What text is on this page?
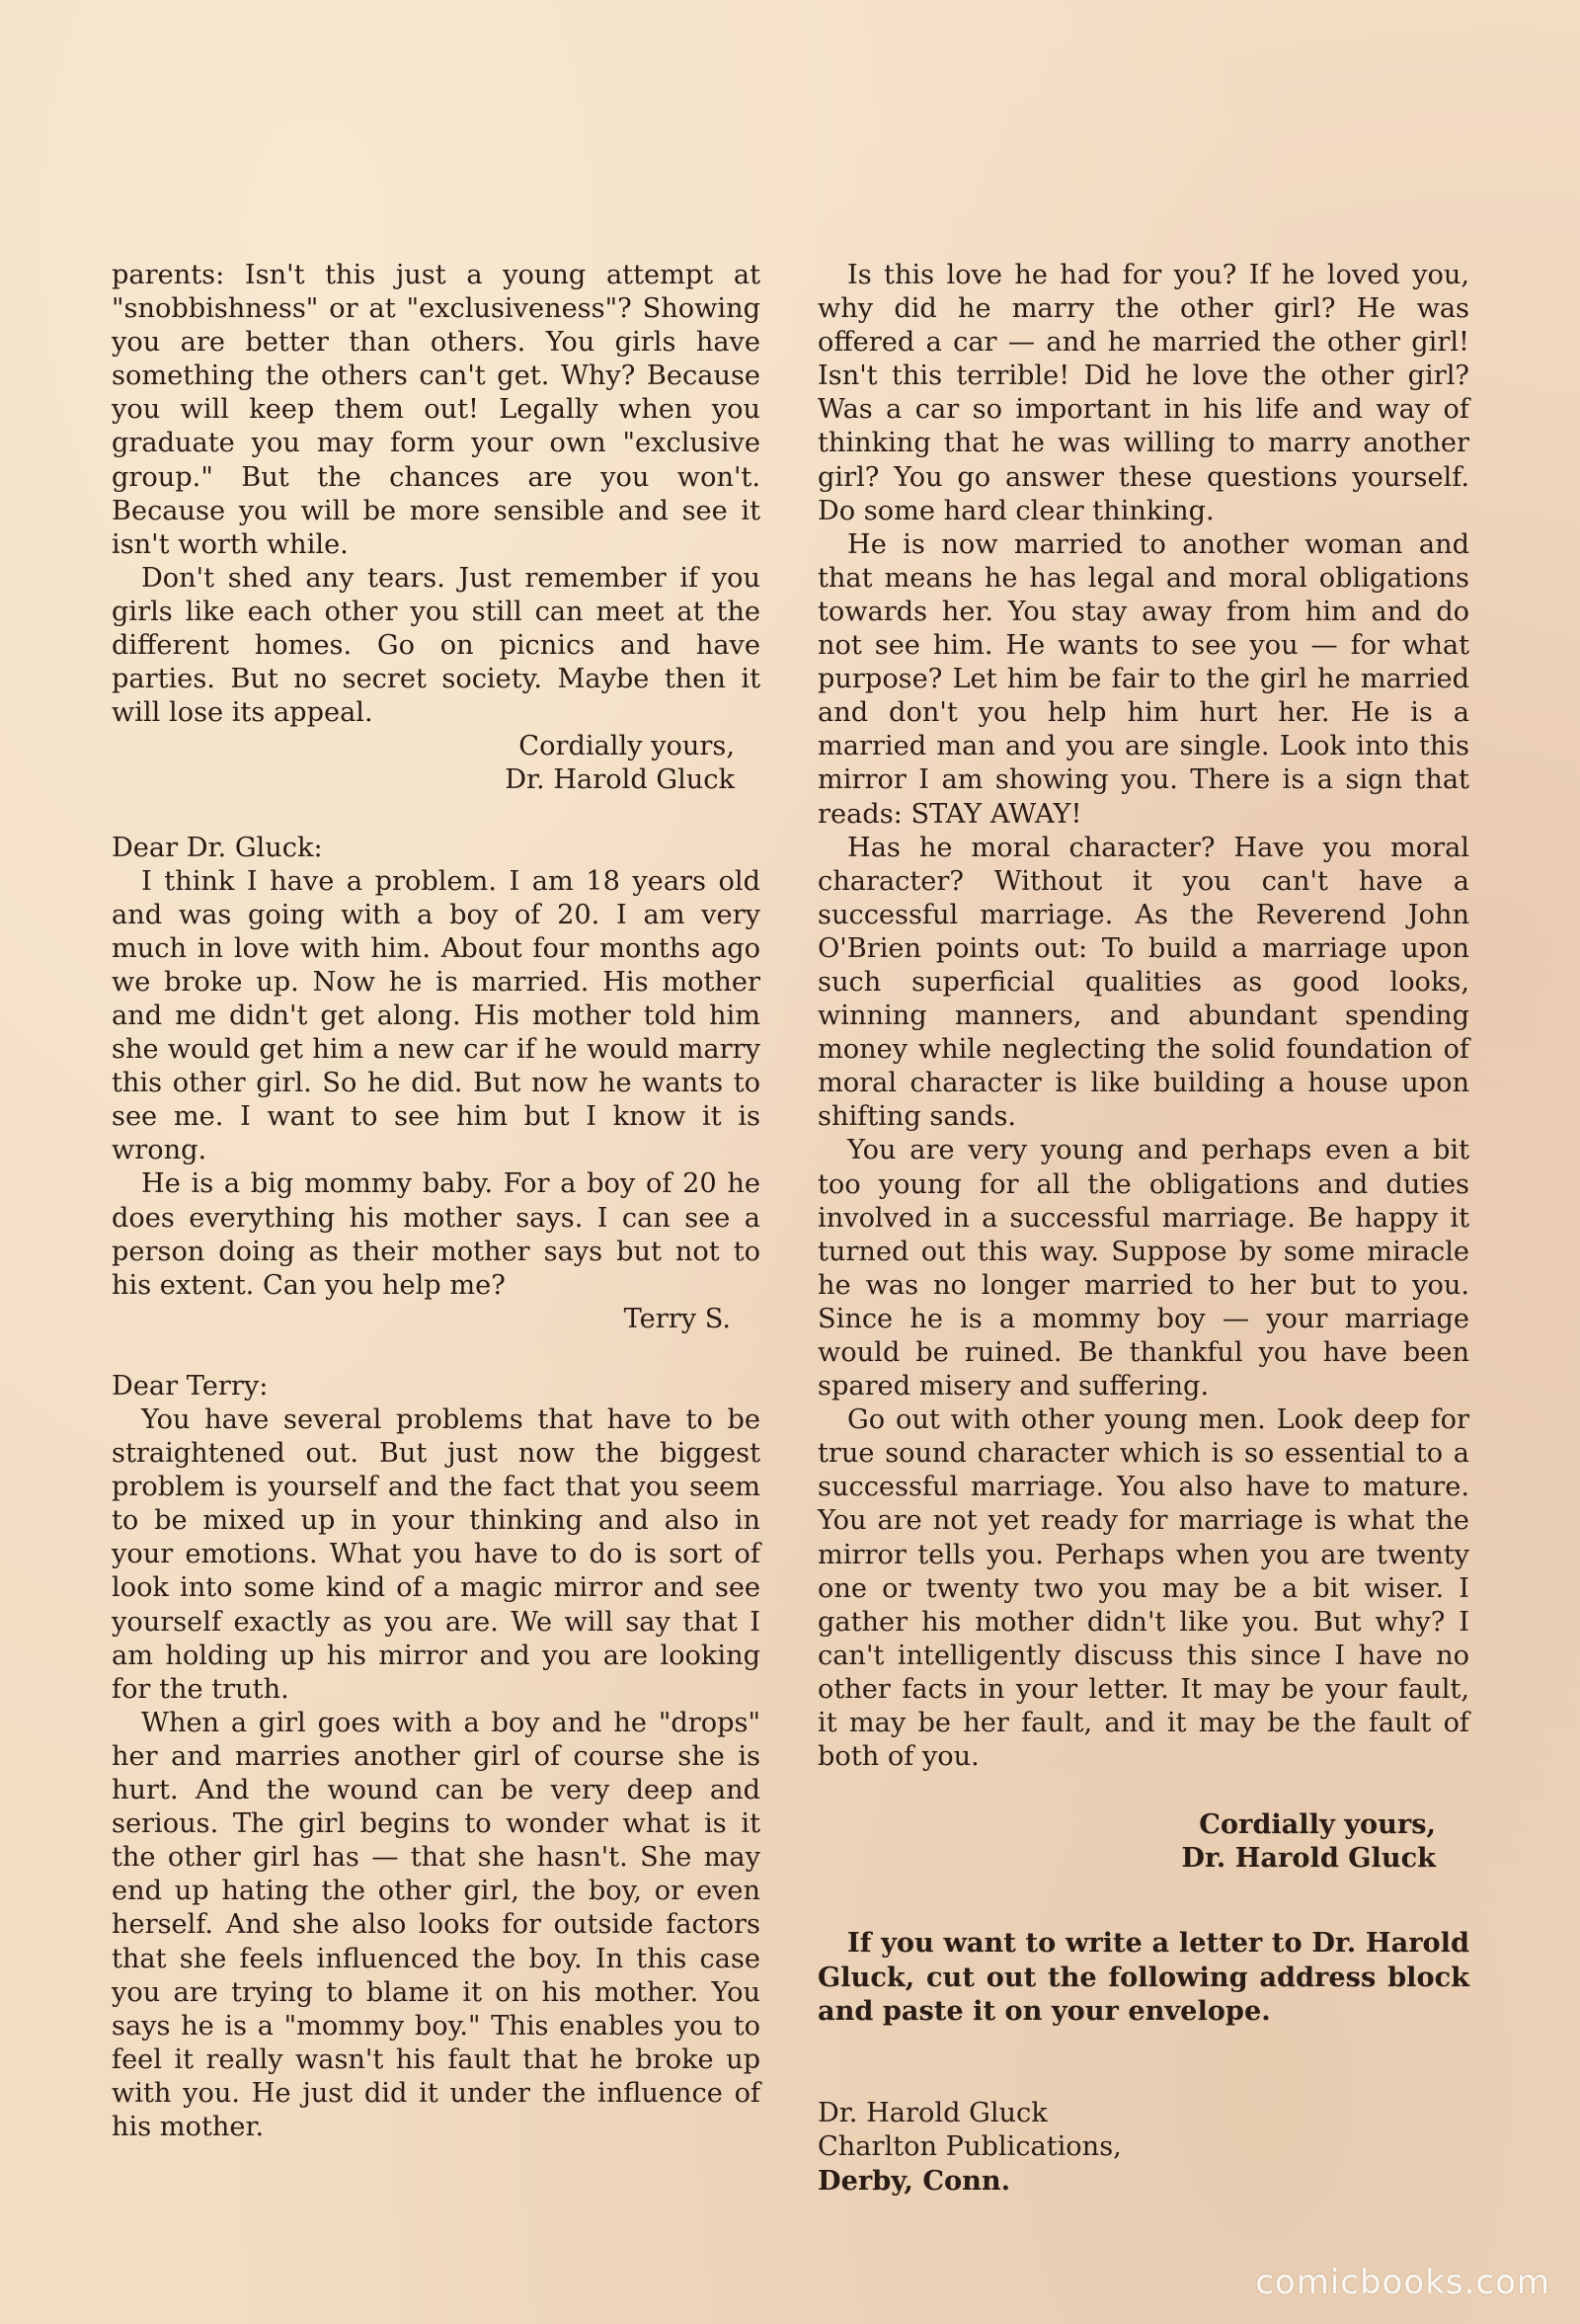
parents: Isn't this just a young attempt at "snobbishness" or at "exclusiveness"? Showing you are better than others. You girls have something the others can't get. Why? Because you will keep them out! Legally when you graduate you may form your own "exclusive group." But the chances are you won't. Because you will be more sensible and see it isn't worth while.

Don't shed any tears. Just remember if you girls like each other you still can meet at the different homes. Go on picnics and have parties. But no secret society. Maybe then it will lose its appeal.

Cordially yours,

Dr. Harold Gluck

Dear Dr. Gluck:

I think I have a problem. I am 18 years old and was going with a boy of 20. I am very much in love with him. About four months ago we broke up. Now he is married. His mother and me didn't get along. His mother told him she would get him a new car if he would marry this other girl. So he did. But now he wants to see me. I want to see him but I know it is wrong.

He is a big mommy baby. For a boy of 20 he does everything his mother says. I can see a person doing as their mother says but not to his extent. Can you help me?

Terry S.

Dear Terry:

You have several problems that have to be straightened out. But just now the biggest problem is yourself and the fact that you seem to be mixed up in your thinking and also in your emotions. What you have to do is sort of look into some kind of a magic mirror and see yourself exactly as you are. We will say that I am holding up his mirror and you are looking for the truth.

When a girl goes with a boy and he "drops" her and marries another girl of course she is hurt. And the wound can be very deep and serious. The girl begins to wonder what is it the other girl has — that she hasn't. She may end up hating the other girl, the boy, or even herself. And she also looks for outside factors that she feels influenced the boy. In this case you are trying to blame it on his mother. You says he is a "mommy boy." This enables you to feel it really wasn't his fault that he broke up with you. He just did it under the influence of his mother.

Is this love he had for you? If he loved you, why did he marry the other girl? He was offered a car — and he married the other girl! Isn't this terrible! Did he love the other girl? Was a car so important in his life and way of thinking that he was willing to marry another girl? You go answer these questions yourself. Do some hard clear thinking.

He is now married to another woman and that means he has legal and moral obligations towards her. You stay away from him and do not see him. He wants to see you — for what purpose? Let him be fair to the girl he married and don't you help him hurt her. He is a married man and you are single. Look into this mirror I am showing you. There is a sign that reads: STAY AWAY!

Has he moral character? Have you moral character? Without it you can't have a successful marriage. As the Reverend John O'Brien points out: To build a marriage upon such superficial qualities as good looks, winning manners, and abundant spending money while neglecting the solid foundation of moral character is like building a house upon shifting sands.

You are very young and perhaps even a bit too young for all the obligations and duties involved in a successful marriage. Be happy it turned out this way. Suppose by some miracle he was no longer married to her but to you. Since he is a mommy boy — your marriage would be ruined. Be thankful you have been spared misery and suffering.

Go out with other young men. Look deep for true sound character which is so essential to a successful marriage. You also have to mature. You are not yet ready for marriage is what the mirror tells you. Perhaps when you are twenty one or twenty two you may be a bit wiser. I gather his mother didn't like you. But why? I can't intelligently discuss this since I have no other facts in your letter. It may be your fault, it may be her fault, and it may be the fault of both of you.

Cordially yours,

Dr. Harold Gluck

If you want to write a letter to Dr. Harold Gluck, cut out the following address block and paste it on your envelope.

Dr. Harold Gluck

Charlton Publications,

Derby, Conn.

comicbooks.com
